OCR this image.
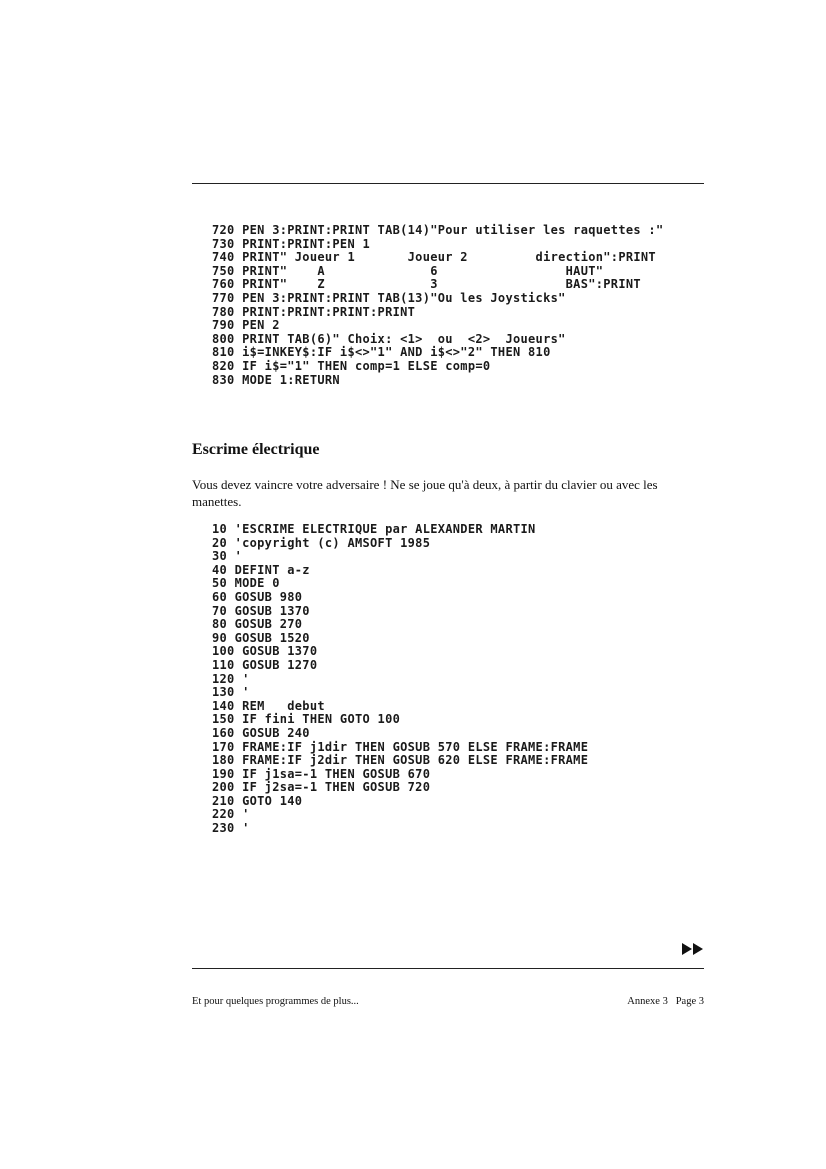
720 PEN 3:PRINT:PRINT TAB(14)"Pour utiliser les raquettes :"
730 PRINT:PRINT:PEN 1
740 PRINT" Joueur 1       Joueur 2         direction":PRINT
750 PRINT"    A              6                 HAUT"
760 PRINT"    Z              3                 BAS":PRINT
770 PEN 3:PRINT:PRINT TAB(13)"Ou les Joysticks"
780 PRINT:PRINT:PRINT:PRINT
790 PEN 2
800 PRINT TAB(6)" Choix: <1>  ou  <2>  Joueurs"
810 i$=INKEY$:IF i$<>"1" AND i$<>"2" THEN 810
820 IF i$="1" THEN comp=1 ELSE comp=0
830 MODE 1:RETURN
Escrime électrique

Vous devez vaincre votre adversaire ! Ne se joue qu'à deux, à partir du clavier ou avec les manettes.

10 'ESCRIME ELECTRIQUE par ALEXANDER MARTIN
20 'copyright (c) AMSOFT 1985
30 '
40 DEFINT a-z
50 MODE 0
60 GOSUB 980
70 GOSUB 1370
80 GOSUB 270
90 GOSUB 1520
100 GOSUB 1370
110 GOSUB 1270
120 '
130 '
140 REM   debut
150 IF fini THEN GOTO 100
160 GOSUB 240
170 FRAME:IF j1dir THEN GOSUB 570 ELSE FRAME:FRAME
180 FRAME:IF j2dir THEN GOSUB 620 ELSE FRAME:FRAME
190 IF j1sa=-1 THEN GOSUB 670
200 IF j2sa=-1 THEN GOSUB 720
210 GOTO 140
220 '
230 '
Et pour quelques programmes de plus...	Annexe 3   Page 3
